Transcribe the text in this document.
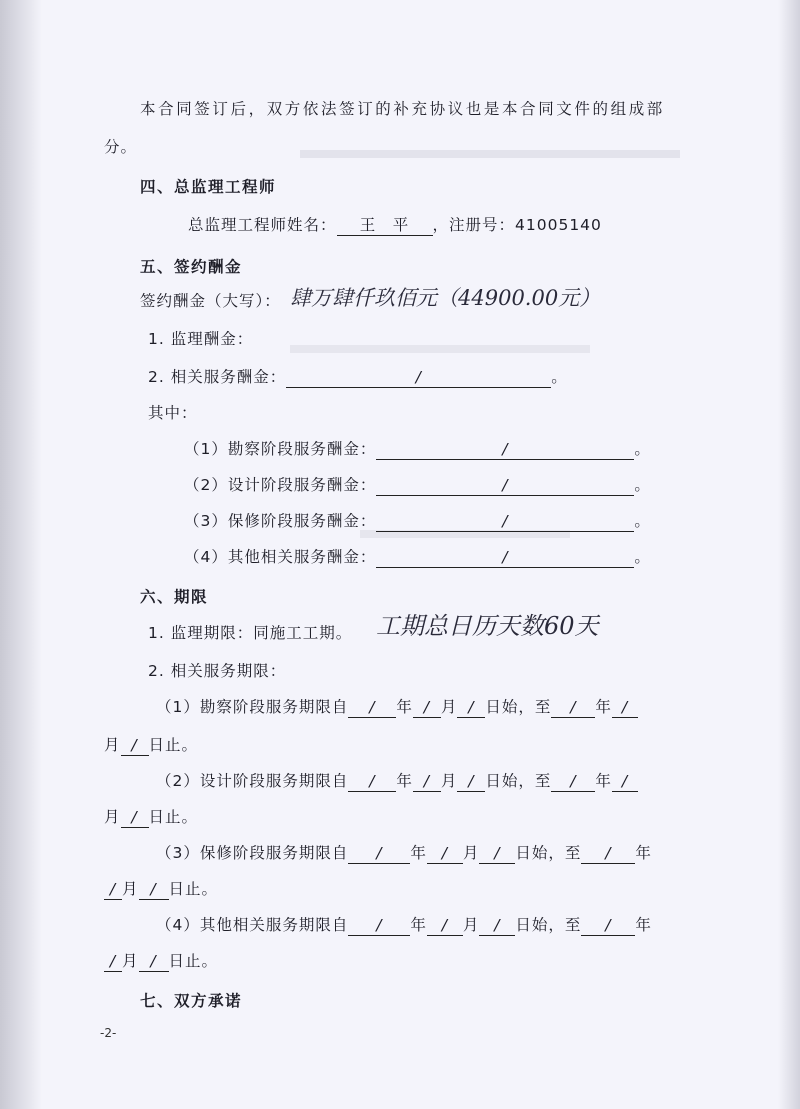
本合同签订后，双方依法签订的补充协议也是本合同文件的组成部
分。
四、总监理工程师
总监理工程师姓名： 王　平 ，注册号：41005140
五、签约酬金
签约酬金（大写）： 肆万肆仟玖佰元（44900.00元）
1. 监理酬金：
2. 相关服务酬金：	/	。
其中：
（1）勘察阶段服务酬金：	/	。
（2）设计阶段服务酬金：	/	。
（3）保修阶段服务酬金：	/	。
（4）其他相关服务酬金：	/	。
六、期限
1. 监理期限：同施工工期。 工期总日历天数60天
2. 相关服务期限：
（1）勘察阶段服务期限自 / 年 / 月 / 日始，至 / 年 /
月 / 日止。
（2）设计阶段服务期限自 / 年 / 月 / 日始，至 / 年 /
月 / 日止。
（3）保修阶段服务期限自 / 年 / 月 / 日始，至 / 年
/ 月 / 日止。
（4）其他相关服务期限自 / 年 / 月 / 日始，至 / 年
/ 月 / 日止。
七、双方承诺
-2-
